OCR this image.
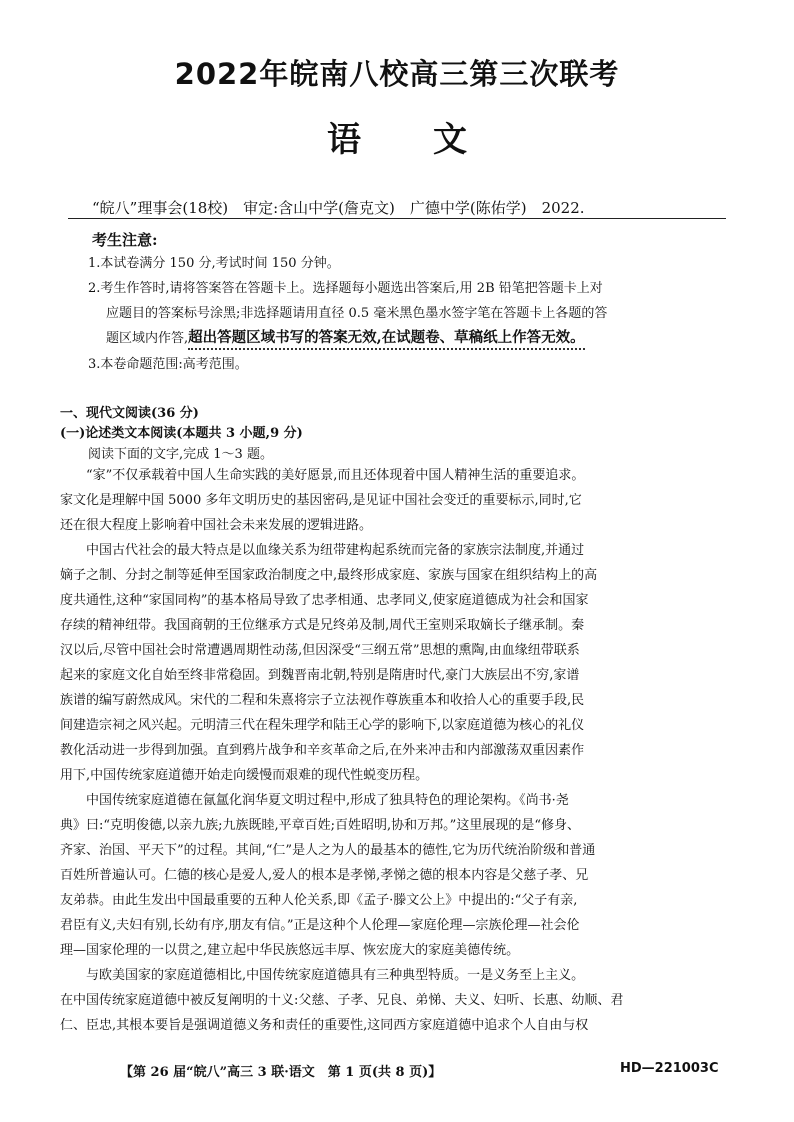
2022年皖南八校高三第三次联考
语文
“皖八”理事会(18校)　审定:含山中学(詹克文)　广德中学(陈佑学)　2022.
考生注意:
1.本试卷满分 150 分,考试时间 150 分钟。
2.考生作答时,请将答案答在答题卡上。选择题每小题选出答案后,用 2B 铅笔把答题卡上对
应题目的答案标号涂黑;非选择题请用直径 0.5 毫米黑色墨水签字笔在答题卡上各题的答
题区域内作答,超出答题区域书写的答案无效,在试题卷、草稿纸上作答无效。
3.本卷命题范围:高考范围。
一、现代文阅读(36 分)
(一)论述类文本阅读(本题共 3 小题,9 分)
阅读下面的文字,完成 1～3 题。
　　“家”不仅承载着中国人生命实践的美好愿景,而且还体现着中国人精神生活的重要追求。
家文化是理解中国 5000 多年文明历史的基因密码,是见证中国社会变迁的重要标示,同时,它
还在很大程度上影响着中国社会未来发展的逻辑进路。
　　中国古代社会的最大特点是以血缘关系为纽带建构起系统而完备的家族宗法制度,并通过
嫡子之制、分封之制等延伸至国家政治制度之中,最终形成家庭、家族与国家在组织结构上的高
度共通性,这种“家国同构”的基本格局导致了忠孝相通、忠孝同义,使家庭道德成为社会和国家
存续的精神纽带。我国商朝的王位继承方式是兄终弟及制,周代王室则采取嫡长子继承制。秦
汉以后,尽管中国社会时常遭遇周期性动荡,但因深受“三纲五常”思想的熏陶,由血缘纽带联系
起来的家庭文化自始至终非常稳固。到魏晋南北朝,特别是隋唐时代,豪门大族层出不穷,家谱
族谱的编写蔚然成风。宋代的二程和朱熹将宗子立法视作尊族重本和收拾人心的重要手段,民
间建造宗祠之风兴起。元明清三代在程朱理学和陆王心学的影响下,以家庭道德为核心的礼仪
教化活动进一步得到加强。直到鸦片战争和辛亥革命之后,在外来冲击和内部激荡双重因素作
用下,中国传统家庭道德开始走向缓慢而艰难的现代性蜕变历程。
　　中国传统家庭道德在氤氲化润华夏文明过程中,形成了独具特色的理论架构。《尚书·尧
典》曰:“克明俊德,以亲九族;九族既睦,平章百姓;百姓昭明,协和万邦。”这里展现的是“修身、
齐家、治国、平天下”的过程。其间,“仁”是人之为人的最基本的德性,它为历代统治阶级和普通
百姓所普遍认可。仁德的核心是爱人,爱人的根本是孝悌,孝悌之德的根本内容是父慈子孝、兄
友弟恭。由此生发出中国最重要的五种人伦关系,即《孟子·滕文公上》中提出的:“父子有亲,
君臣有义,夫妇有别,长幼有序,朋友有信。”正是这种个人伦理—家庭伦理—宗族伦理—社会伦
理—国家伦理的一以贯之,建立起中华民族悠远丰厚、恢宏庞大的家庭美德传统。
　　与欧美国家的家庭道德相比,中国传统家庭道德具有三种典型特质。一是义务至上主义。
在中国传统家庭道德中被反复阐明的十义:父慈、子孝、兄良、弟悌、夫义、妇听、长惠、幼顺、君
仁、臣忠,其根本要旨是强调道德义务和责任的重要性,这同西方家庭道德中追求个人自由与权
【第 26 届“皖八”高三 3 联·语文　第 1 页(共 8 页)】	HD—221003C
